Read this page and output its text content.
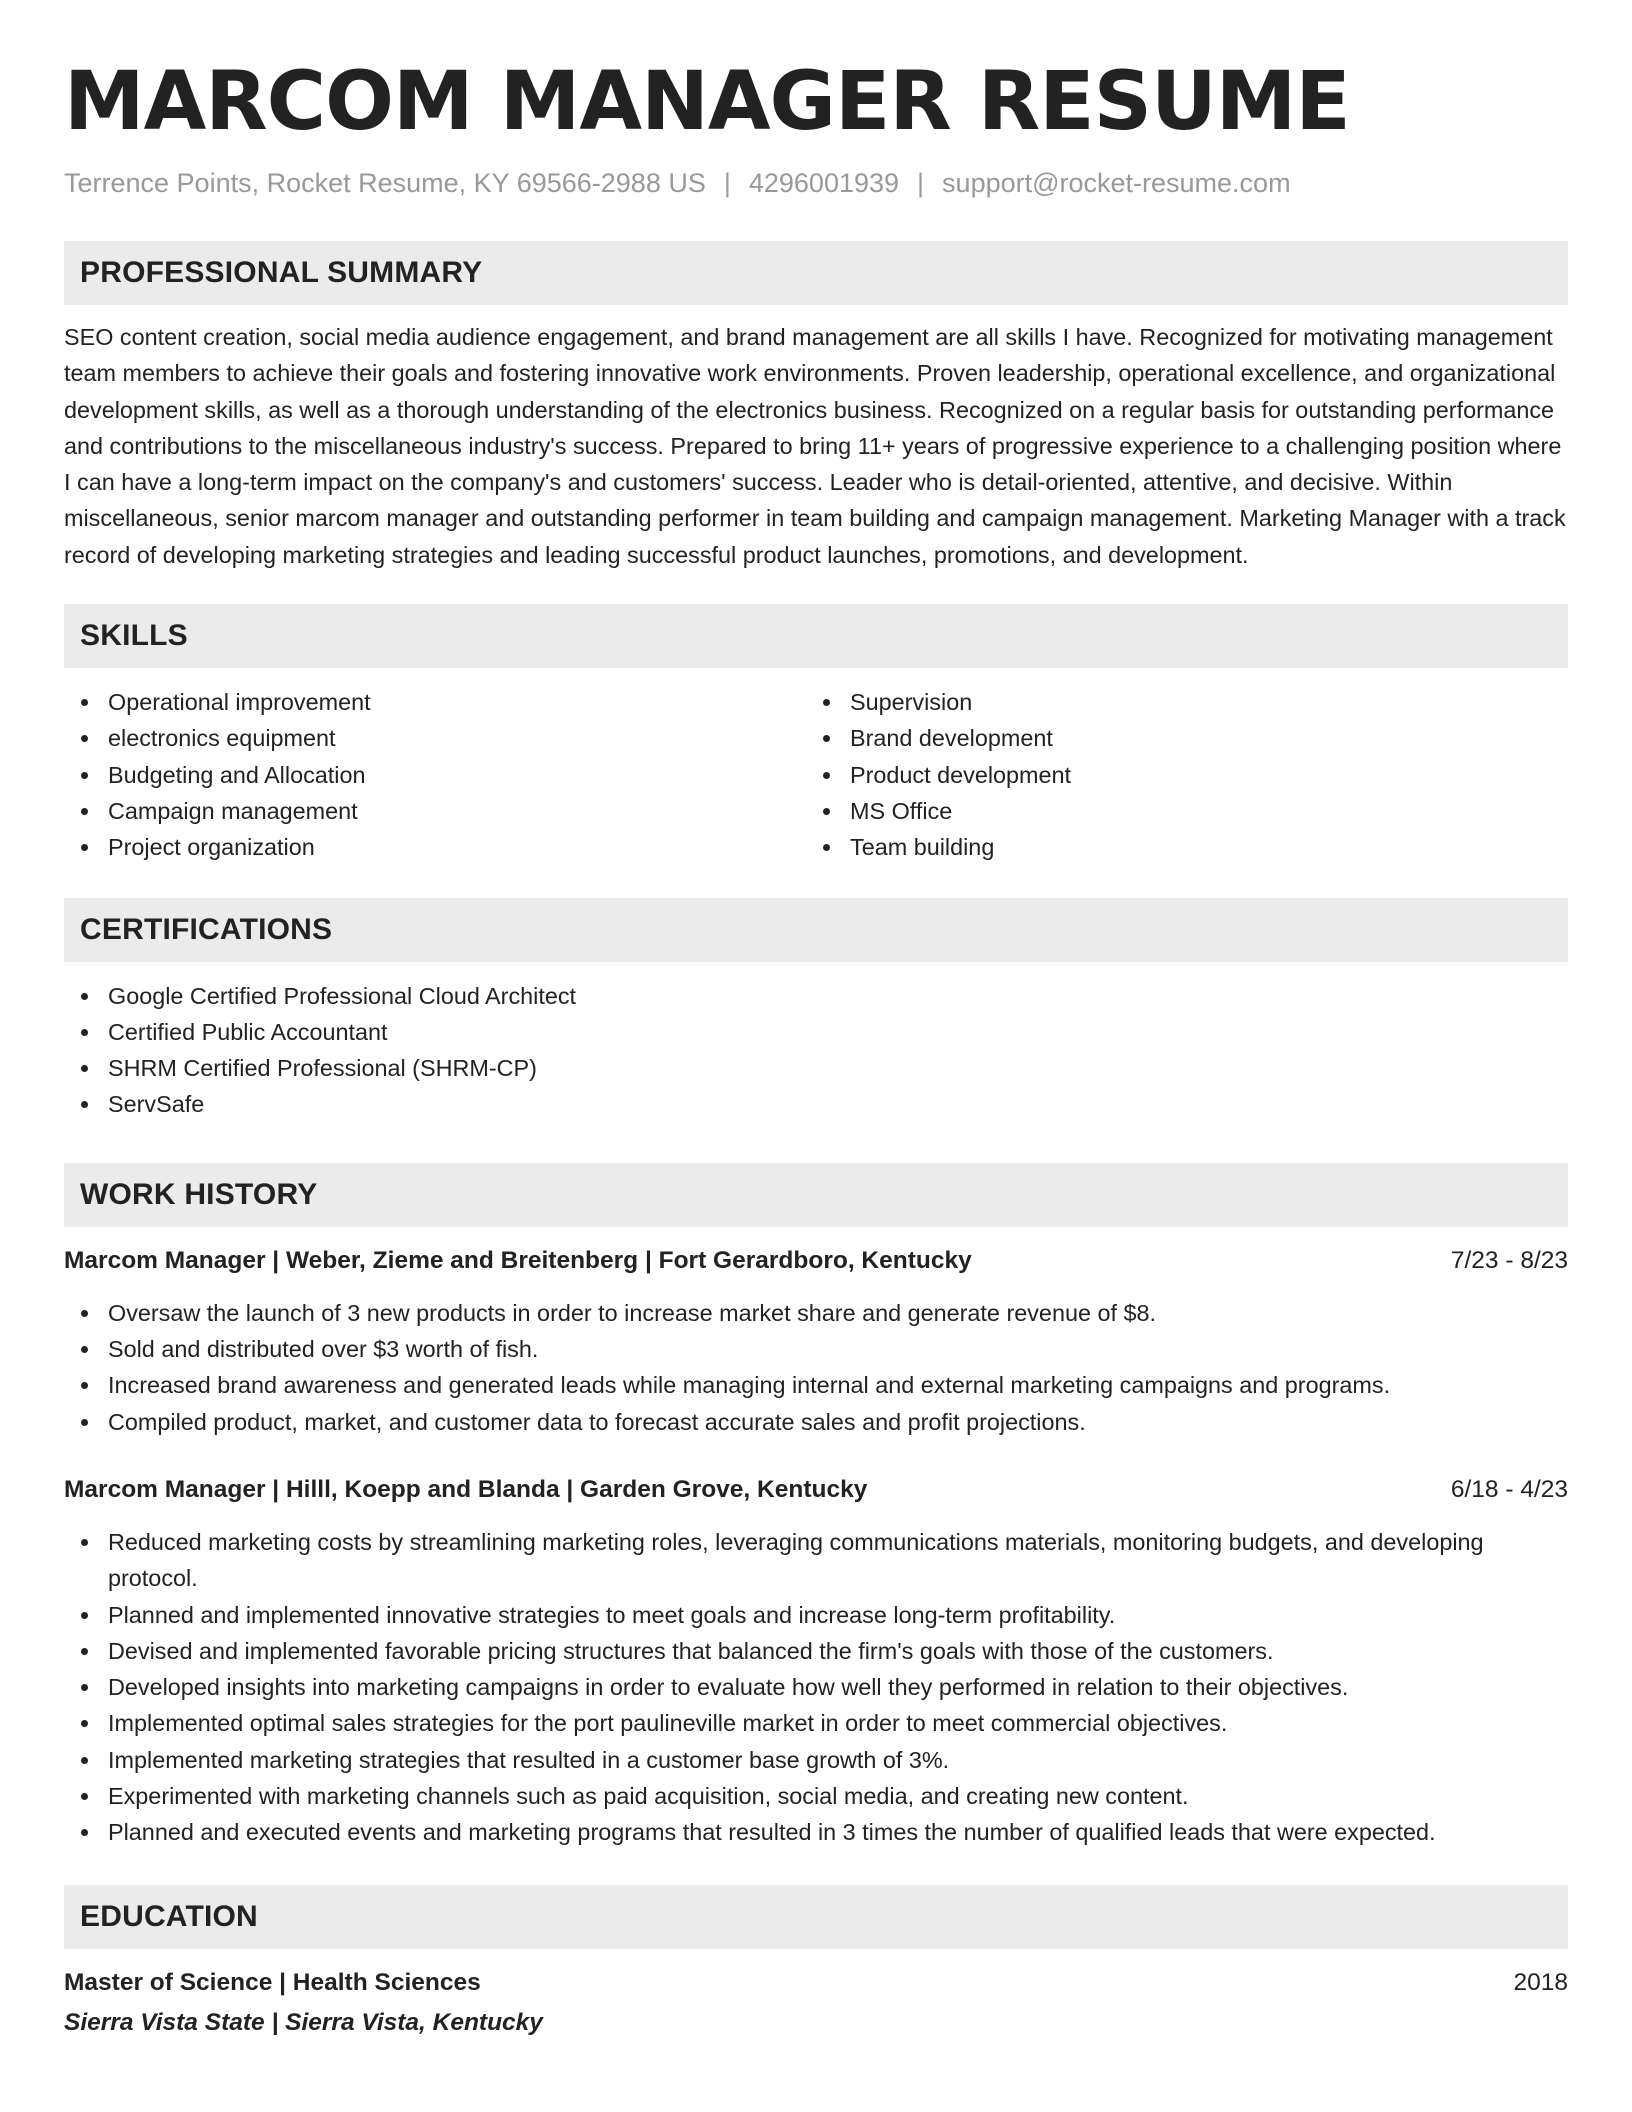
MARCOM MANAGER RESUME
Terrence Points, Rocket Resume, KY 69566-2988 US | 4296001939 | support@rocket-resume.com
PROFESSIONAL SUMMARY

SEO content creation, social media audience engagement, and brand management are all skills I have. Recognized for motivating management team members to achieve their goals and fostering innovative work environments. Proven leadership, operational excellence, and organizational development skills, as well as a thorough understanding of the electronics business. Recognized on a regular basis for outstanding performance and contributions to the miscellaneous industry's success. Prepared to bring 11+ years of progressive experience to a challenging position where I can have a long-term impact on the company's and customers' success. Leader who is detail-oriented, attentive, and decisive. Within miscellaneous, senior marcom manager and outstanding performer in team building and campaign management. Marketing Manager with a track record of developing marketing strategies and leading successful product launches, promotions, and development.

SKILLS
Operational improvement
electronics equipment
Budgeting and Allocation
Campaign management
Project organization
Supervision
Brand development
Product development
MS Office
Team building
CERTIFICATIONS
Google Certified Professional Cloud Architect
Certified Public Accountant
SHRM Certified Professional (SHRM-CP)
ServSafe
WORK HISTORY
Marcom Manager | Weber, Zieme and Breitenberg | Fort Gerardboro, Kentucky	7/23 - 8/23
Oversaw the launch of 3 new products in order to increase market share and generate revenue of $8.
Sold and distributed over $3 worth of fish.
Increased brand awareness and generated leads while managing internal and external marketing campaigns and programs.
Compiled product, market, and customer data to forecast accurate sales and profit projections.
Marcom Manager | Hilll, Koepp and Blanda | Garden Grove, Kentucky	6/18 - 4/23
Reduced marketing costs by streamlining marketing roles, leveraging communications materials, monitoring budgets, and developing protocol.
Planned and implemented innovative strategies to meet goals and increase long-term profitability.
Devised and implemented favorable pricing structures that balanced the firm's goals with those of the customers.
Developed insights into marketing campaigns in order to evaluate how well they performed in relation to their objectives.
Implemented optimal sales strategies for the port paulineville market in order to meet commercial objectives.
Implemented marketing strategies that resulted in a customer base growth of 3%.
Experimented with marketing channels such as paid acquisition, social media, and creating new content.
Planned and executed events and marketing programs that resulted in 3 times the number of qualified leads that were expected.
EDUCATION
Master of Science | Health Sciences	2018
Sierra Vista State | Sierra Vista, Kentucky
